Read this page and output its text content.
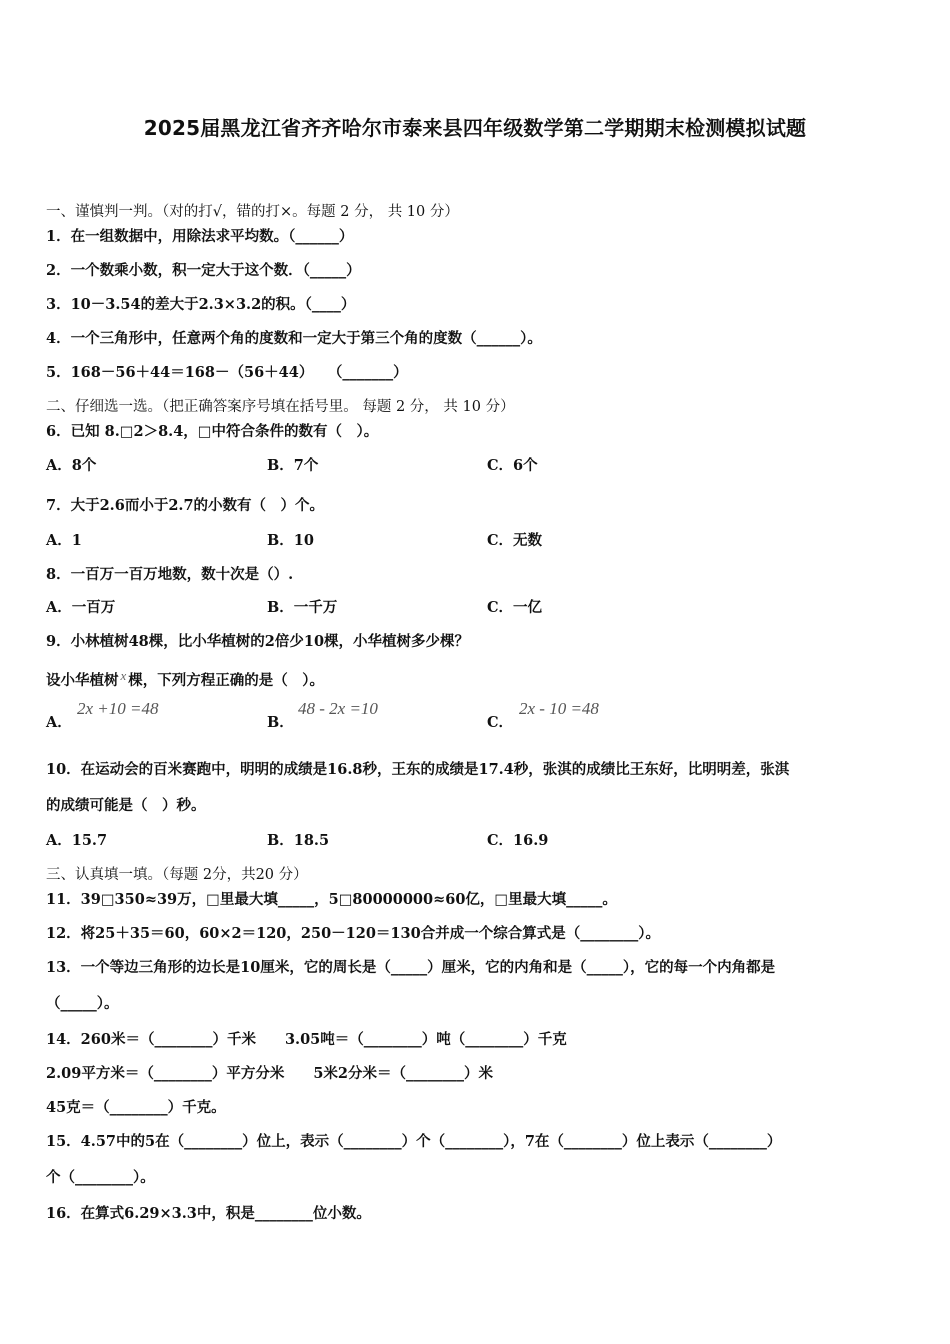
2025届黑龙江省齐齐哈尔市泰来县四年级数学第二学期期末检测模拟试题
一、谨慎判一判。（对的打√，错的打×。每题 2 分， 共 10 分）
1．在一组数据中，用除法求平均数。（______）
2．一个数乘小数，积一定大于这个数．（_____）
3．10－3.54的差大于2.3×3.2的积。（____）
4．一个三角形中，任意两个角的度数和一定大于第三个角的度数（______）。
5．168－56＋44＝168－（56＋44）　　（_______）
二、仔细选一选。（把正确答案序号填在括号里。 每题 2 分， 共 10 分）
6．已知 8.□2＞8.4，□中符合条件的数有（　）。
A．8个	B．7个	C．6个
7．大于2.6而小于2.7的小数有（　）个。
A．1	B．10	C．无数
8．一百万一百万地数，数十次是（）.
A．一百万	B．一千万	C．一亿
9．小林植树48棵，比小华植树的2倍少10棵，小华植树多少棵？
设小华植树 x 棵，下列方程正确的是（　）。
A．
2x +10 =48
B．
48 - 2x =10
C．
2x - 10 =48
10．在运动会的百米赛跑中，明明的成绩是16.8秒，王东的成绩是17.4秒，张淇的成绩比王东好，比明明差，张淇
的成绩可能是（　）秒。
A．15.7	B．18.5	C．16.9
三、认真填一填。（每题 2分，共20 分）
11．39□350≈39万，□里最大填_____，5□80000000≈60亿，□里最大填_____。
12．将25＋35＝60，60×2＝120，250－120＝130合并成一个综合算式是（________）。
13．一个等边三角形的边长是10厘米，它的周长是（_____）厘米，它的内角和是（_____），它的每一个内角都是
（_____）。
14．260米＝（________）千米　　3.05吨＝（________）吨（________）千克
2.09平方米＝（________）平方分米　　5米2分米＝（________）米
45克＝（________）千克。
15．4.57中的5在（________）位上，表示（________）个（________），7在（________）位上表示（________）
个（________）。
16．在算式6.29×3.3中，积是________位小数。
